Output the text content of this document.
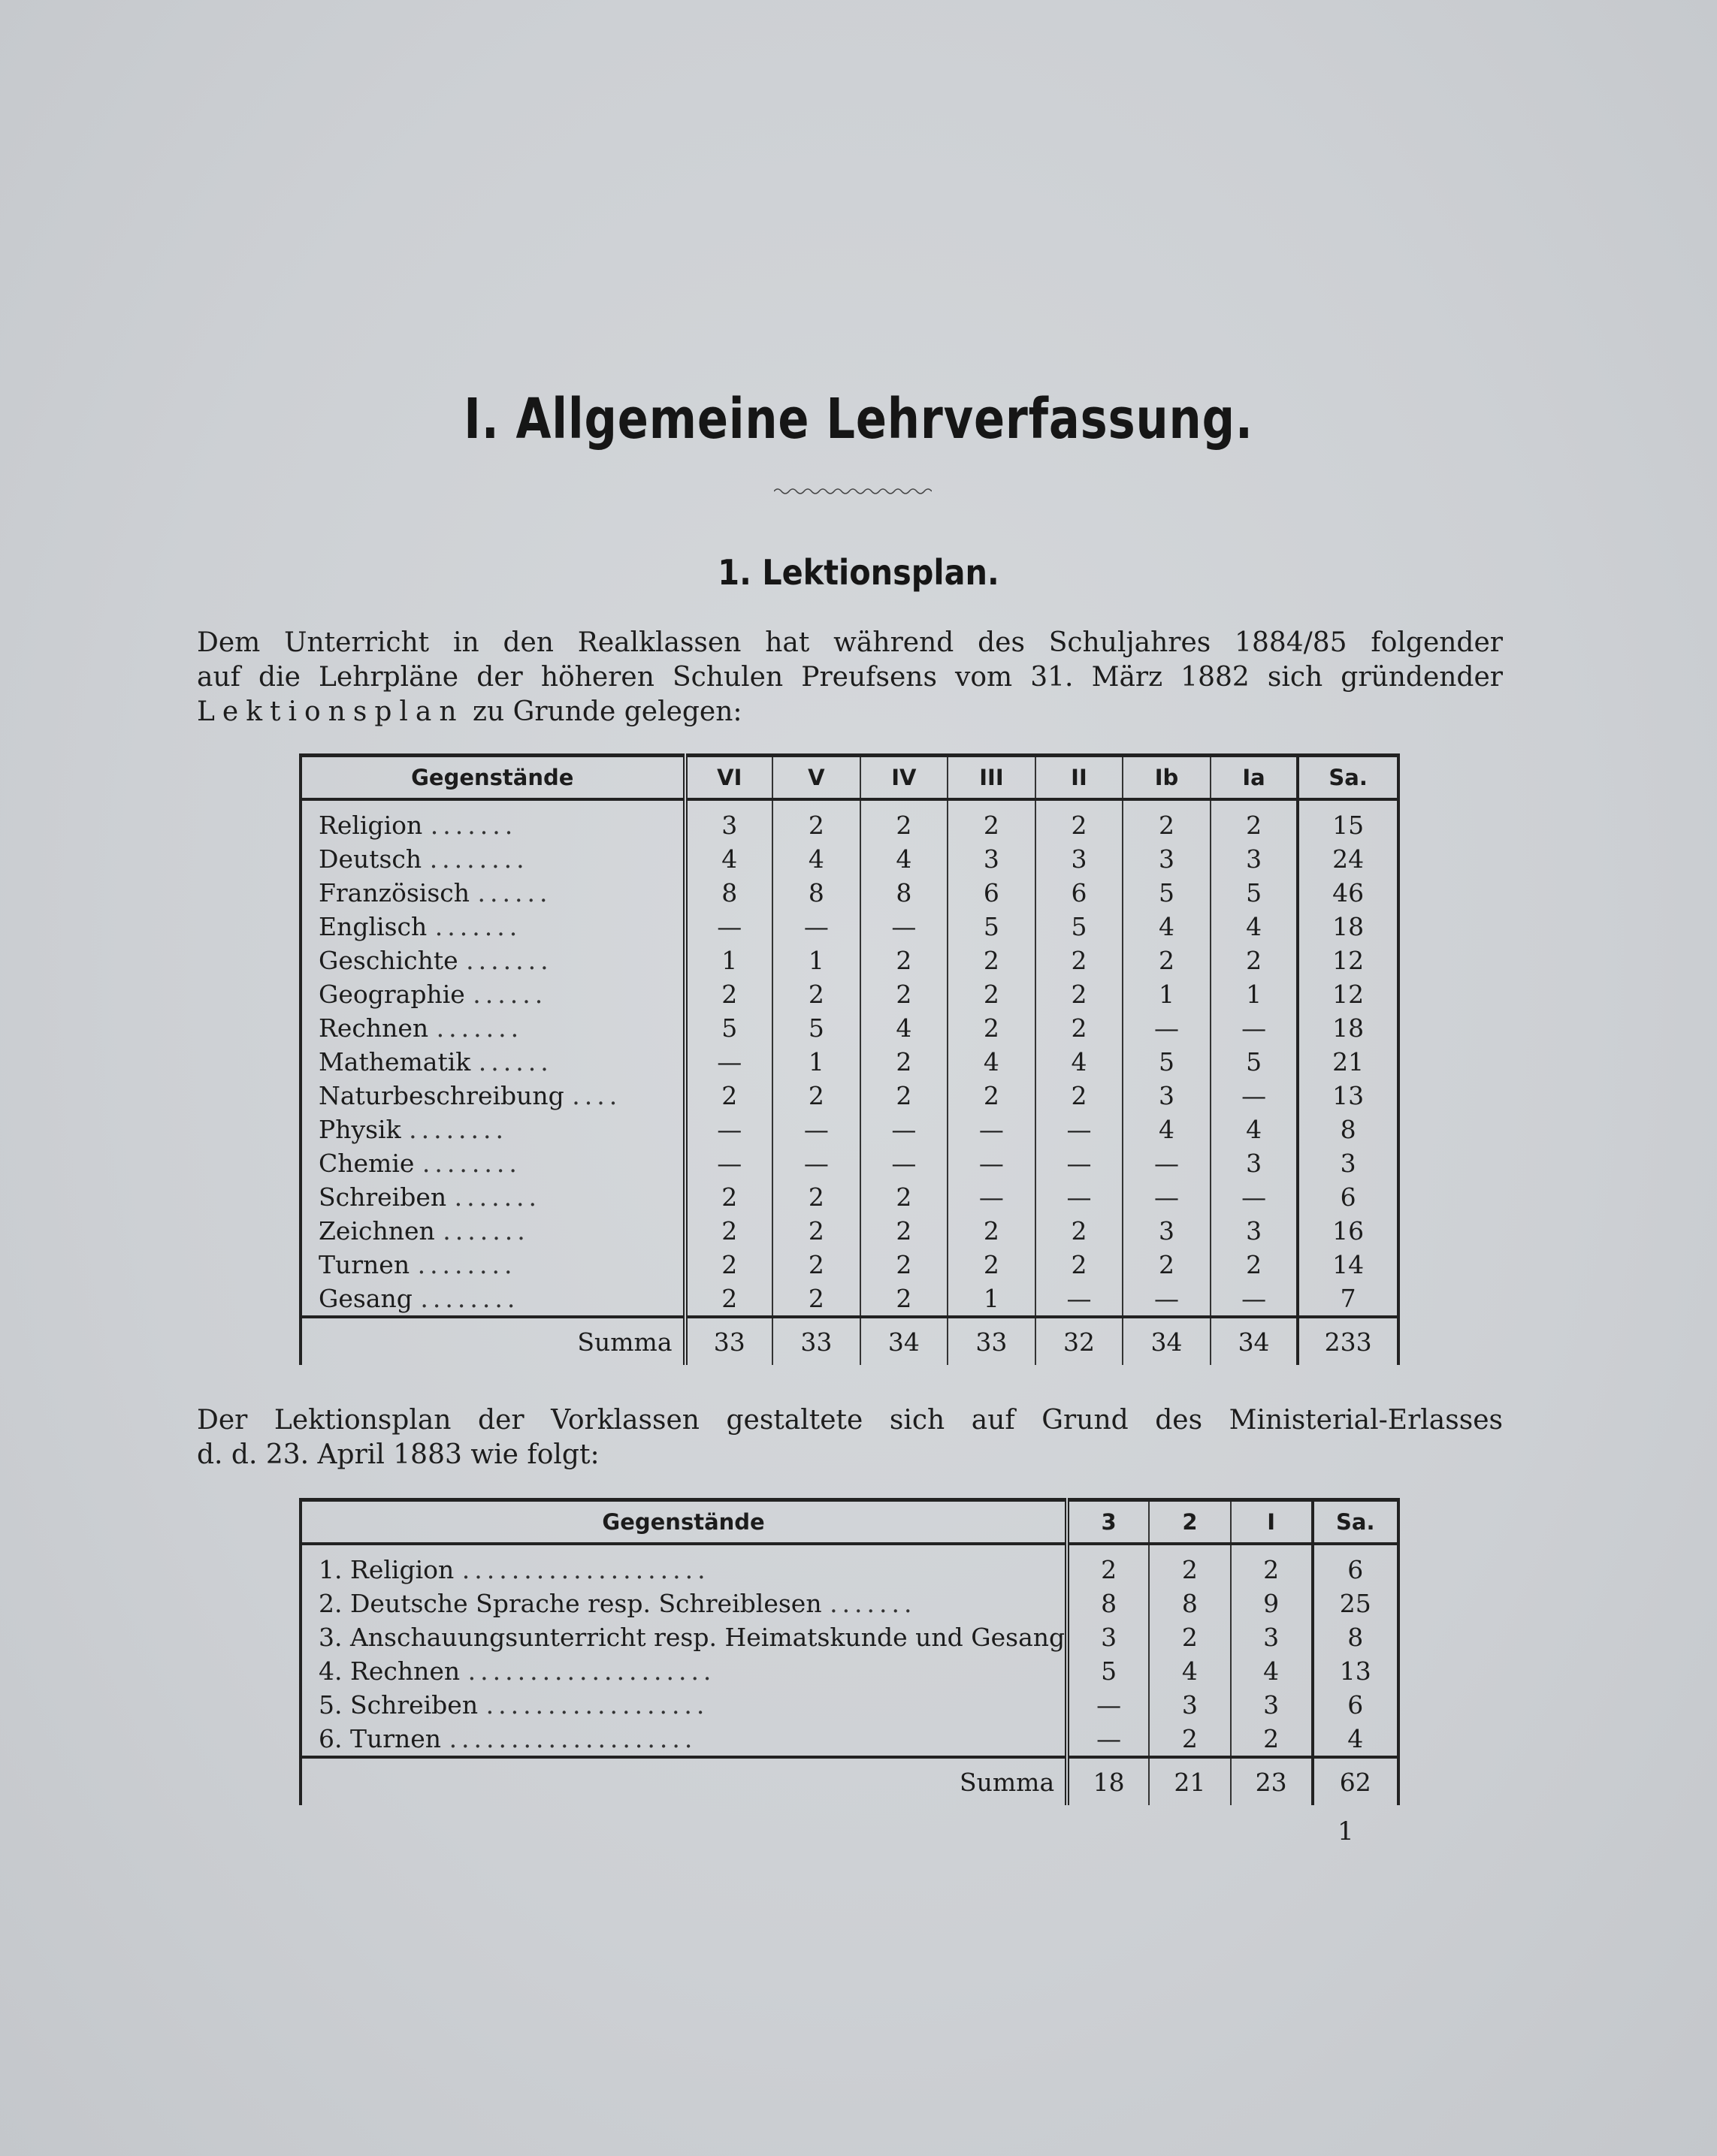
I. Allgemeine Lehrverfassung.
1. Lektionsplan.
Dem Unterricht in den Realklassen hat während des Schuljahres 1884/85 folgender
auf die Lehrpläne der höheren Schulen Preufsens vom 31. März 1882 sich gründender
Lektionsplan zu Grunde gelegen:
Gegenstände	VI	V	IV	III	II	Ib	Ia	Sa.
Religion .......	3	2	2	2	2	2	2	15
Deutsch ........	4	4	4	3	3	3	3	24
Französisch ......	8	8	8	6	6	5	5	46
Englisch .......	—	—	—	5	5	4	4	18
Geschichte .......	1	1	2	2	2	2	2	12
Geographie ......	2	2	2	2	2	1	1	12
Rechnen .......	5	5	4	2	2	—	—	18
Mathematik ......	—	1	2	4	4	5	5	21
Naturbeschreibung ....	2	2	2	2	2	3	—	13
Physik ........	—	—	—	—	—	4	4	8
Chemie ........	—	—	—	—	—	—	3	3
Schreiben .......	2	2	2	—	—	—	—	6
Zeichnen .......	2	2	2	2	2	3	3	16
Turnen ........	2	2	2	2	2	2	2	14
Gesang ........	2	2	2	1	—	—	—	7
Summa	33	33	34	33	32	34	34	233
Der Lektionsplan der Vorklassen gestaltete sich auf Grund des Ministerial-Erlasses
d. d. 23. April 1883 wie folgt:
Gegenstände	3	2	I	Sa.
1. Religion ....................	2	2	2	6
2. Deutsche Sprache resp. Schreiblesen .......	8	8	9	25
3. Anschauungsunterricht resp. Heimatskunde und Gesang	3	2	3	8
4. Rechnen ....................	5	4	4	13
5. Schreiben ..................	—	3	3	6
6. Turnen ....................	—	2	2	4
Summa	18	21	23	62
1
